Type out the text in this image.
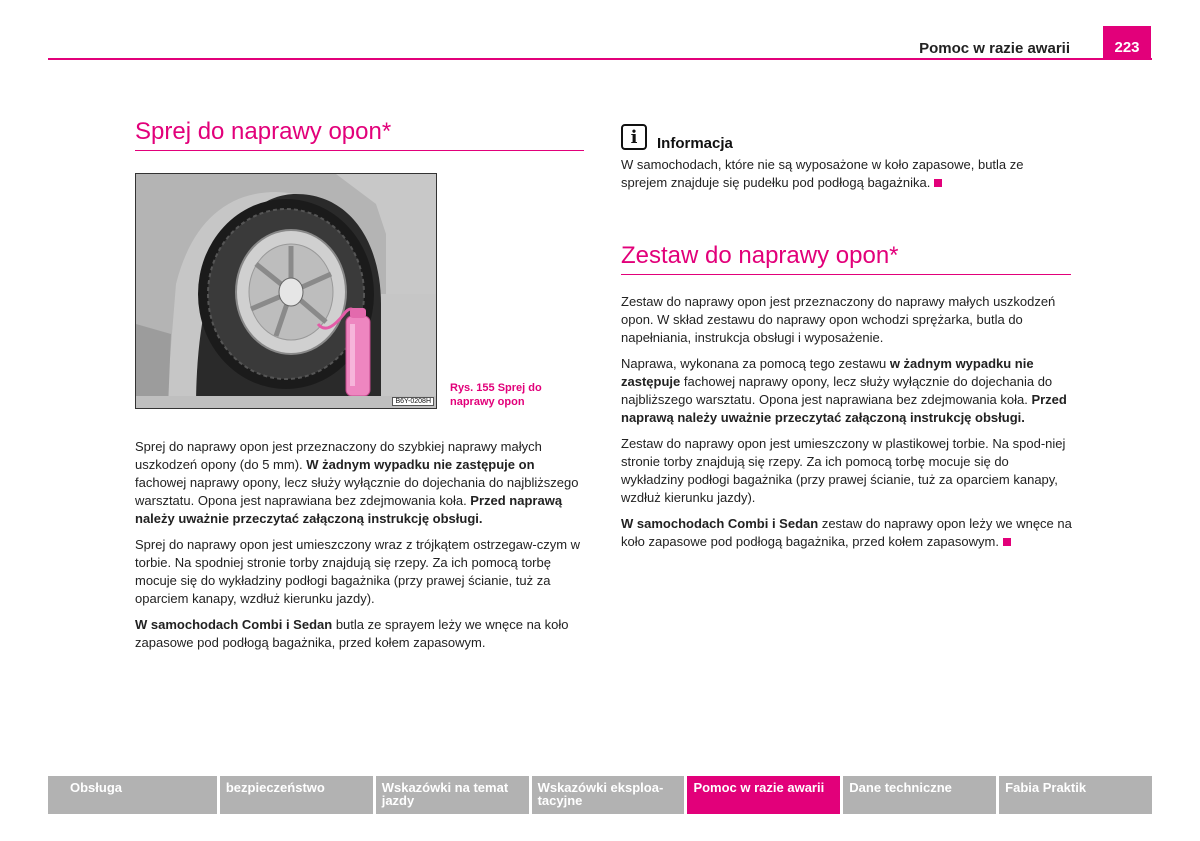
Pomoc w razie awarii	223
Sprej do naprawy opon*
B6Y-0208H
Rys. 155 Sprej do
naprawy opon

Sprej do naprawy opon jest przeznaczony do szybkiej naprawy małych uszkodzeń opony (do 5 mm). W żadnym wypadku nie zastępuje on fachowej naprawy opony, lecz służy wyłącznie do dojechania do najbliższego warsztatu. Opona jest naprawiana bez zdejmowania koła. Przed naprawą należy uważnie przeczytać załączoną instrukcję obsługi.

Sprej do naprawy opon jest umieszczony wraz z trójkątem ostrzegaw-czym w torbie. Na spodniej stronie torby znajdują się rzepy. Za ich pomocą torbę mocuje się do wykładziny podłogi bagażnika (przy prawej ścianie, tuż za oparciem kanapy, wzdłuż kierunku jazdy).

W samochodach Combi i Sedan butla ze sprayem leży we wnęce na koło zapasowe pod podłogą bagażnika, przed kołem zapasowym.

i	Informacja

W samochodach, które nie są wyposażone w koło zapasowe, butla ze sprejem znajduje się pudełku pod podłogą bagażnika.

Zestaw do naprawy opon*

Zestaw do naprawy opon jest przeznaczony do naprawy małych uszkodzeń opon. W skład zestawu do naprawy opon wchodzi sprężarka, butla do napełniania, instrukcja obsługi i wyposażenie.

Naprawa, wykonana za pomocą tego zestawu w żadnym wypadku nie zastępuje fachowej naprawy opony, lecz służy wyłącznie do dojechania do najbliższego warsztatu. Opona jest naprawiana bez zdejmowania koła. Przed naprawą należy uważnie przeczytać załączoną instrukcję obsługi.

Zestaw do naprawy opon jest umieszczony w plastikowej torbie. Na spod-niej stronie torby znajdują się rzepy. Za ich pomocą torbę mocuje się do wykładziny podłogi bagażnika (przy prawej ścianie, tuż za oparciem kanapy, wzdłuż kierunku jazdy).

W samochodach Combi i Sedan zestaw do naprawy opon leży we wnęce na koło zapasowe pod podłogą bagażnika, przed kołem zapasowym.

Obsługa	bezpieczeństwo	Wskazówki na temat jazdy
Wskazówki eksploa-tacyjne
Pomoc w razie awarii	Dane techniczne	Fabia Praktik
